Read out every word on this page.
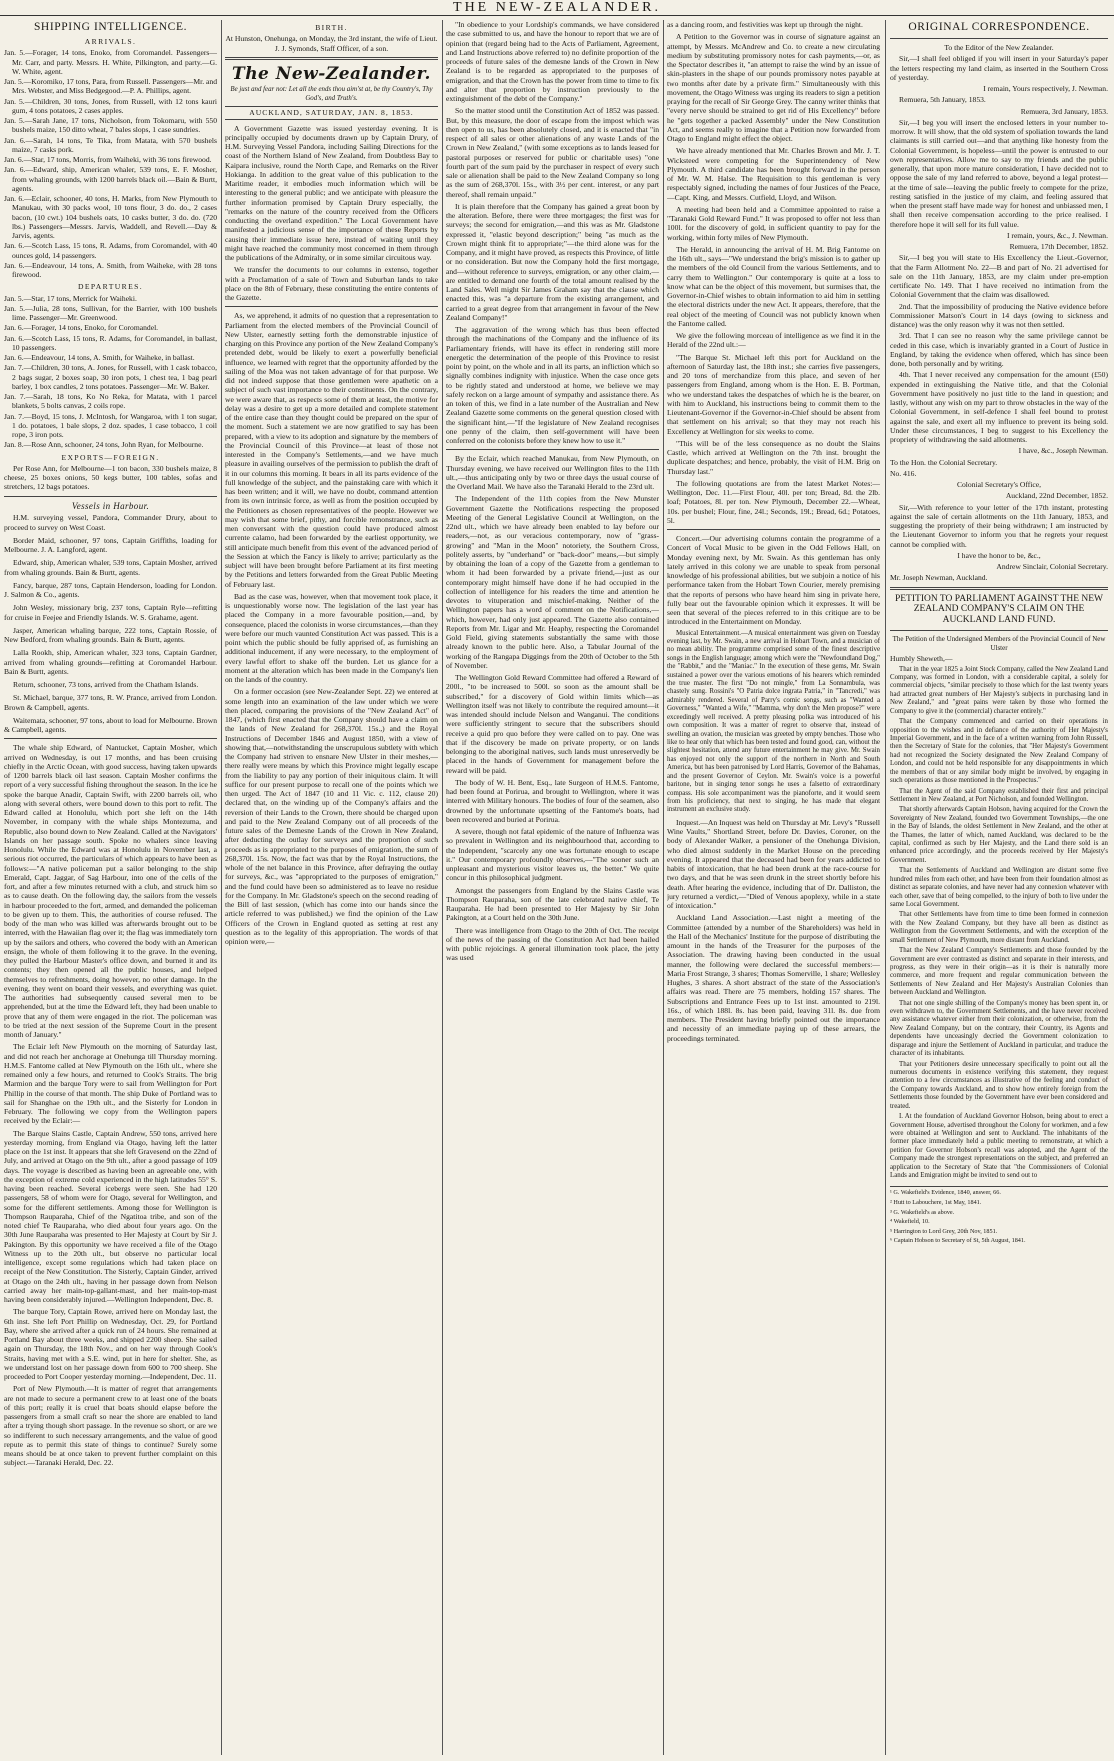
THE NEW-ZEALANDER.
SHIPPING INTELLIGENCE.
ARRIVALS.

Jan. 5.—Forager, 14 tons, Enoko, from Coromandel. Passengers—Mr. Carr, and party. Messrs. H. White, Pilkington, and party.—G. W. White, agent.

Jan. 5.—Koromiko, 17 tons, Para, from Russell. Passengers—Mr. and Mrs. Webster, and Miss Bedgegood.—P. A. Phillips, agent.

Jan. 5.—Children, 30 tons, Jones, from Russell, with 12 tons kauri gum, 4 tons potatoes, 2 cases apples.

Jan. 5.—Sarah Jane, 17 tons, Nicholson, from Tokomaru, with 550 bushels maize, 150 ditto wheat, 7 bales slops, 1 case sundries.

Jan. 6.—Sarah, 14 tons, Te Tika, from Matata, with 570 bushels maize, 7 casks pork.

Jan. 6.—Star, 17 tons, Morris, from Waiheki, with 36 tons firewood.

Jan. 6.—Edward, ship, American whaler, 539 tons, E. F. Mosher, from whaling grounds, with 1200 barrels black oil.—Bain & Burtt, agents.

Jan. 6.—Eclair, schooner, 40 tons, H. Marks, from New Plymouth to Manukau, with 30 packs wool, 10 tons flour, 3 do. do., 2 cases bacon, (10 cwt.) 104 bushels oats, 10 casks butter, 3 do. do. (720 lbs.) Passengers—Messrs. Jarvis, Waddell, and Revell.—Day & Jarvis, agents.

Jan. 6.—Scotch Lass, 15 tons, R. Adams, from Coromandel, with 40 ounces gold, 14 passengers.

Jan. 6.—Endeavour, 14 tons, A. Smith, from Waiheke, with 28 tons firewood.

DEPARTURES.

Jan. 5.—Star, 17 tons, Merrick for Waiheki.

Jan. 5.—Julia, 28 tons, Sullivan, for the Barrier, with 100 bushels lime. Passenger—Mr. Greenwood.

Jan. 6.—Forager, 14 tons, Enoko, for Coromandel.

Jan. 6.—Scotch Lass, 15 tons, R. Adams, for Coromandel, in ballast, 10 passengers.

Jan. 6.—Endeavour, 14 tons, A. Smith, for Waiheke, in ballast.

Jan. 7.—Children, 30 tons, A. Jones, for Russell, with 1 cask tobacco, 2 bags sugar, 2 boxes soap, 30 iron pots, 1 chest tea, 1 bag pearl barley, 1 box candles, 2 tons potatoes. Passenger—Mr. W. Baker.

Jan. 7.—Sarah, 18 tons, Ko No Reka, for Matata, with 1 parcel blankets, 5 bolts canvas, 2 coils rope.

Jan. 7.—Boyd, 15 tons, J. McIntosh, for Wangaroa, with 1 ton sugar, 1 do. potatoes, 1 bale slops, 2 doz. spades, 1 case tobacco, 1 coil rope, 3 iron pots.

Jan. 8.—Rose Ann, schooner, 24 tons, John Ryan, for Melbourne.

EXPORTS—FOREIGN.

Per Rose Ann, for Melbourne—1 ton bacon, 330 bushels maize, 8 cheese, 25 boxes onions, 50 kegs butter, 100 tables, sofas and stretchers, 12 bags potatoes.

Vessels in Harbour.

H.M. surveying vessel, Pandora, Commander Drury, about to proceed to survey on West Coast.

Border Maid, schooner, 97 tons, Captain Griffiths, loading for Melbourne. J. A. Langford, agent.

Edward, ship, American whaler, 539 tons, Captain Mosher, arrived from whaling grounds. Bain & Burtt, agents.

Fancy, barque, 287 tons, Captain Henderson, loading for London. J. Salmon & Co., agents.

John Wesley, missionary brig, 237 tons, Captain Ryle—refitting for cruise in Feejee and Friendly Islands. W. S. Grahame, agent.

Jasper, American whaling barque, 222 tons, Captain Rossie, of New Bedford, from whaling grounds. Bain & Burtt, agents.

Lalla Rookh, ship, American whaler, 323 tons, Captain Gardner, arrived from whaling grounds—refitting at Coromandel Harbour. Bain & Burtt, agents.

Return, schooner, 73 tons, arrived from the Chatham Islands.

St. Michael, barque, 377 tons, R. W. Prance, arrived from London. Brown & Campbell, agents.

Waitemata, schooner, 97 tons, about to load for Melbourne. Brown & Campbell, agents.

The whale ship Edward, of Nantucket, Captain Mosher, which arrived on Wednesday, is out 17 months, and has been cruising chiefly in the Arctic Ocean, with good success, having taken upwards of 1200 barrels black oil last season. Captain Mosher confirms the report of a very successful fishing throughout the season. In the ice he spoke the barque Anadir, Captain Swift, with 2200 barrels oil, who along with several others, were bound down to this port to refit. The Edward called at Honolulu, which port she left on the 14th November, in company with the whale ships Montezuma, and Republic, also bound down to New Zealand. Called at the Navigators' Islands on her passage south. Spoke no whalers since leaving Honolulu. While the Edward was at Honolulu in November last, a serious riot occurred, the particulars of which appears to have been as follows:—"A native policeman put a sailor belonging to the ship Emerald, Capt. Jaggar, of Sag Harbour, into one of the cells of the fort, and after a few minutes returned with a club, and struck him so as to cause death. On the following day, the sailors from the vessels in harbour proceeded to the fort, armed, and demanded the policeman to be given up to them. This, the authorities of course refused. The body of the man who was killed was afterwards brought out to be interred, with the Hawaiian flag over it; the flag was immediately torn up by the sailors and others, who covered the body with an American ensign, the whole of them following it to the grave. In the evening, they pulled the Harbour Master's office down, and burned it and its contents; they then opened all the public houses, and helped themselves to refreshments, doing however, no other damage. In the evening, they went on board their vessels, and everything was quiet. The authorities had subsequently caused several men to be apprehended, but at the time the Edward left, they had been unable to prove that any of them were engaged in the riot. The policeman was to be tried at the next session of the Supreme Court in the present month of January."

The Eclair left New Plymouth on the morning of Saturday last, and did not reach her anchorage at Onehunga till Thursday morning. H.M.S. Fantome called at New Plymouth on the 16th ult., where she remained only a few hours, and returned to Cook's Straits. The brig Marmion and the barque Tory were to sail from Wellington for Port Phillip in the course of that month. The ship Duke of Portland was to sail for Shanghae on the 19th ult., and the Sisterly for London in February. The following we copy from the Wellington papers received by the Eclair:—

The Barque Slains Castle, Captain Andrew, 550 tons, arrived here yesterday morning, from England via Otago, having left the latter place on the 1st inst. It appears that she left Gravesend on the 22nd of July, and arrived at Otago on the 9th ult., after a good passage of 109 days. The voyage is described as having been an agreeable one, with the exception of extreme cold experienced in the high latitudes 55° S. having been reached. Several icebergs were seen. She had 120 passengers, 58 of whom were for Otago, several for Wellington, and some for the different settlements. Among those for Wellington is Thompson Rauparaha, Chief of the Ngatitoa tribe, and son of the noted chief Te Rauparaha, who died about four years ago. On the 30th June Rauparaha was presented to Her Majesty at Court by Sir J. Pakington. By this opportunity we have received a file of the Otago Witness up to the 20th ult., but observe no particular local intelligence, except some regulations which had taken place on receipt of the New Constitution. The Sisterly, Captain Ginder, arrived at Otago on the 24th ult., having in her passage down from Nelson carried away her main-top-gallant-mast, and her main-top-mast having been considerably injured.—Wellington Independent, Dec. 8.

The barque Tory, Captain Rowe, arrived here on Monday last, the 6th inst. She left Port Phillip on Wednesday, Oct. 29, for Portland Bay, where she arrived after a quick run of 24 hours. She remained at Portland Bay about three weeks, and shipped 2200 sheep. She sailed again on Thursday, the 18th Nov., and on her way through Cook's Straits, having met with a S.E. wind, put in here for shelter. She, as we understand lost on her passage down from 600 to 700 sheep. She proceeded to Port Cooper yesterday morning.—Independent, Dec. 11.

Port of New Plymouth.—It is matter of regret that arrangements are not made to secure a permanent crew to at least one of the boats of this port; really it is cruel that boats should elapse before the passengers from a small craft so near the shore are enabled to land after a trying though short passage. In the revenue so short, or are we so indifferent to such necessary arrangements, and the value of good repute as to permit this state of things to continue? Surely some means should be at once taken to prevent further complaint on this subject.—Taranaki Herald, Dec. 22.

BIRTH.

At Hunston, Onehunga, on Monday, the 3rd instant, the wife of Lieut. J. J. Symonds, Staff Officer, of a son.

The New-Zealander.
Be just and fear not: Let all the ends thou aim'st at, be thy Country's, Thy God's, and Truth's.
AUCKLAND, SATURDAY, JAN. 8, 1853.

A Government Gazette was issued yesterday evening. It is principally occupied by documents drawn up by Captain Drury, of H.M. Surveying Vessel Pandora, including Sailing Directions for the coast of the Northern Island of New Zealand, from Doubtless Bay to Kaipara inclusive, round the North Cape, and Remarks on the River Hokianga. In addition to the great value of this publication to the Maritime reader, it embodies much information which will be interesting to the general public; and we anticipate with pleasure the further information promised by Captain Drury especially, the "remarks on the nature of the country received from the Officers conducting the overland expedition." The Local Government have manifested a judicious sense of the importance of these Reports by causing their immediate issue here, instead of waiting until they might have reached the community most concerned in them through the publications of the Admiralty, or in some similar circuitous way.

We transfer the documents to our columns in extenso, together with a Proclamation of a sale of Town and Suburban lands to take place on the 8th of February, these constituting the entire contents of the Gazette.

As, we apprehend, it admits of no question that a representation to Parliament from the elected members of the Provincial Council of New Ulster, earnestly setting forth the demonstrable injustice of charging on this Province any portion of the New Zealand Company's pretended debt, would be likely to exert a powerfully beneficial influence, we learned with regret that the opportunity afforded by the sailing of the Moa was not taken advantage of for that purpose. We did not indeed suppose that those gentlemen were apathetic on a subject of such vast importance to their constituents. On the contrary, we were aware that, as respects some of them at least, the motive for delay was a desire to get up a more detailed and complete statement of the entire case than they thought could be prepared on the spur of the moment. Such a statement we are now gratified to say has been prepared, with a view to its adoption and signature by the members of the Provincial Council of this Province—at least of those not interested in the Company's Settlements,—and we have much pleasure in availing ourselves of the permission to publish the draft of it in our columns this morning. It bears in all its parts evidence of the full knowledge of the subject, and the painstaking care with which it has been written; and it will, we have no doubt, command attention from its own intrinsic force, as well as from the position occupied by the Petitioners as chosen representatives of the people. However we may wish that some brief, pithy, and forcible remonstrance, such as men conversant with the question could have produced almost currente calamo, had been forwarded by the earliest opportunity, we still anticipate much benefit from this event of the advanced period of the Session at which the Fancy is likely to arrive; particularly as the subject will have been brought before Parliament at its first meeting by the Petitions and letters forwarded from the Great Public Meeting of February last.

Bad as the case was, however, when that movement took place, it is unquestionably worse now. The legislation of the last year has placed the Company in a more favourable position,—and, by consequence, placed the colonists in worse circumstances,—than they were before our much vaunted Constitution Act was passed. This is a point which the public should be fully apprised of, as furnishing an additional inducement, if any were necessary, to the employment of every lawful effort to shake off the burden. Let us glance for a moment at the alteration which has been made in the Company's lien on the lands of the country.

On a former occasion (see New-Zealander Sept. 22) we entered at some length into an examination of the law under which we were then placed, comparing the provisions of the "New Zealand Act" of 1847, (which first enacted that the Company should have a claim on the lands of New Zealand for 268,370l. 15s.,) and the Royal Instructions of December 1846 and August 1850, with a view of showing that,—notwithstanding the unscrupulous subtlety with which the Company had striven to ensnare New Ulster in their meshes,—there really were means by which this Province might legally escape from the liability to pay any portion of their iniquitous claim. It will suffice for our present purpose to recall one of the points which we then urged. The Act of 1847 (10 and 11 Vic. c. 112, clause 20) declared that, on the winding up of the Company's affairs and the reversion of their Lands to the Crown, there should be charged upon and paid to the New Zealand Company out of all proceeds of the future sales of the Demesne Lands of the Crown in New Zealand, after deducting the outlay for surveys and the proportion of such proceeds as is appropriated to the purposes of emigration, the sum of 268,370l. 15s. Now, the fact was that by the Royal Instructions, the whole of the net balance in this Province, after defraying the outlay for surveys, &c., was "appropriated to the purposes of emigration," and the fund could have been so administered as to leave no residue for the Company. In Mr. Gladstone's speech on the second reading of the Bill of last session, (which has come into our hands since the article referred to was published,) we find the opinion of the Law Officers of the Crown in England quoted as setting at rest any question as to the legality of this appropriation. The words of that opinion were,—

"In obedience to your Lordship's commands, we have considered the case submitted to us, and have the honour to report that we are of opinion that (regard being had to the Acts of Parliament, Agreement, and Land Instructions above referred to) no definite proportion of the proceeds of future sales of the demesne lands of the Crown in New Zealand is to be regarded as appropriated to the purposes of emigration, and that the Crown has the power from time to time to fix and alter that proportion by instruction previously to the extinguishment of the debt of the Company."

So the matter stood until the Constitution Act of 1852 was passed. But, by this measure, the door of escape from the impost which was then open to us, has been absolutely closed, and it is enacted that "in respect of all sales or other alienations of any waste Lands of the Crown in New Zealand," (with some exceptions as to lands leased for pastoral purposes or reserved for public or charitable uses) "one fourth part of the sum paid by the purchaser in respect of every such sale or alienation shall be paid to the New Zealand Company so long as the sum of 268,370l. 15s., with 3½ per cent. interest, or any part thereof, shall remain unpaid."

It is plain therefore that the Company has gained a great boon by the alteration. Before, there were three mortgages; the first was for surveys; the second for emigration,—and this was as Mr. Gladstone expressed it, "elastic beyond description;" being "as much as the Crown might think fit to appropriate;"—the third alone was for the Company, and it might have proved, as respects this Province, of little or no consideration. But now the Company hold the first mortgage, and—without reference to surveys, emigration, or any other claim,—are entitled to demand one fourth of the total amount realised by the Land Sales. Well might Sir James Graham say that the clause which enacted this, was "a departure from the existing arrangement, and carried to a great degree from that arrangement in favour of the New Zealand Company!"

The aggravation of the wrong which has thus been effected through the machinations of the Company and the influence of its Parliamentary friends, will have its effect in rendering still more energetic the determination of the people of this Province to resist point by point, on the whole and in all its parts, an infliction which so signally combines indignity with injustice. When the case once gets to be rightly stated and understood at home, we believe we may safely reckon on a large amount of sympathy and assistance there. As an token of this, we find in a late number of the Australian and New Zealand Gazette some comments on the general question closed with the significant hint,—"If the legislature of New Zealand recognises one penny of the claim, then self-government will have been conferred on the colonists before they knew how to use it."

By the Eclair, which reached Manukau, from New Plymouth, on Thursday evening, we have received our Wellington files to the 11th ult.,—thus anticipating only by two or three days the usual course of the Overland Mail. We have also the Taranaki Herald to the 23rd ult.

The Independent of the 11th copies from the New Munster Government Gazette the Notifications respecting the proposed Meeting of the General Legislative Council at Wellington, on the 22nd ult., which we have already been enabled to lay before our readers,—not, as our veracious contemporary, now of "grass-growing" and "Man in the Moon" notoriety, the Southern Cross, politely asserts, by "underhand" or "back-door" means,—but simply by obtaining the loan of a copy of the Gazette from a gentleman to whom it had been forwarded by a private friend,—just as our contemporary might himself have done if he had occupied in the collection of intelligence for his readers the time and attention he devotes to vituperation and mischief-making. Neither of the Wellington papers has a word of comment on the Notifications,—which, however, had only just appeared. The Gazette also contained Reports from Mr. Ligar and Mr. Heaphy, respecting the Coromandel Gold Field, giving statements substantially the same with those already known to the public here. Also, a Tabular Journal of the working of the Rangapa Diggings from the 20th of October to the 5th of November.

The Wellington Gold Reward Committee had offered a Reward of 200l., "to be increased to 500l. so soon as the amount shall be subscribed," for a discovery of Gold within limits which—as Wellington itself was not likely to contribute the required amount—it was intended should include Nelson and Wanganui. The conditions were sufficiently stringent to secure that the subscribers should receive a quid pro quo before they were called on to pay. One was that if the discovery be made on private property, or on lands belonging to the aboriginal natives, such lands must unreservedly be placed in the hands of Government for management before the reward will be paid.

The body of W. H. Bent, Esq., late Surgeon of H.M.S. Fantome, had been found at Porirua, and brought to Wellington, where it was interred with Military honours. The bodies of four of the seamen, also drowned by the unfortunate upsetting of the Fantome's boats, had been recovered and buried at Porirua.

A severe, though not fatal epidemic of the nature of Influenza was so prevalent in Wellington and its neighbourhood that, according to the Independent, "scarcely any one was fortunate enough to escape it." Our contemporary profoundly observes,—"The sooner such an unpleasant and mysterious visitor leaves us, the better." We quite concur in this philosophical judgment.

Amongst the passengers from England by the Slains Castle was Thompson Rauparaha, son of the late celebrated native chief, Te Rauparaha. He had been presented to Her Majesty by Sir John Pakington, at a Court held on the 30th June.

There was intelligence from Otago to the 20th of Oct. The receipt of the news of the passing of the Constitution Act had been hailed with public rejoicings. A general illumination took place, the jetty was used

as a dancing room, and festivities was kept up through the night.

A Petition to the Governor was in course of signature against an attempt, by Messrs. McAndrew and Co. to create a new circulating medium by substituting promissory notes for cash payments,—or, as the Spectator describes it, "an attempt to raise the wind by an issue of skin-plasters in the shape of our pounds promissory notes payable at two months after date by a private firm." Simultaneously with this movement, the Otago Witness was urging its readers to sign a petition praying for the recall of Sir George Grey. The canny writer thinks that "every nerve should be strained to get rid of His Excellency" before he "gets together a packed Assembly" under the New Constitution Act, and seems really to imagine that a Petition now forwarded from Otago to England might effect the object.

We have already mentioned that Mr. Charles Brown and Mr. J. T. Wicksteed were competing for the Superintendency of New Plymouth. A third candidate has been brought forward in the person of Mr. W. M. Halse. The Requisition to this gentleman is very respectably signed, including the names of four Justices of the Peace,—Capt. King, and Messrs. Cutfield, Lloyd, and Wilson.

A meeting had been held and a Committee appointed to raise a "Taranaki Gold Reward Fund." It was proposed to offer not less than 100l. for the discovery of gold, in sufficient quantity to pay for the working, within forty miles of New Plymouth.

The Herald, in announcing the arrival of H. M. Brig Fantome on the 16th ult., says—"We understand the brig's mission is to gather up the members of the old Council from the various Settlements, and to carry them to Wellington." Our contemporary is quite at a loss to know what can be the object of this movement, but surmises that, the Governor-in-Chief wishes to obtain information to aid him in settling the electoral districts under the new Act. It appears, therefore, that the real object of the meeting of Council was not publicly known when the Fantome called.

We give the following morceau of intelligence as we find it in the Herald of the 22nd ult.:—

"The Barque St. Michael left this port for Auckland on the afternoon of Saturday last, the 18th inst.; she carries five passengers, and 20 tons of merchandize from this place, and seven of her passengers from England, among whom is the Hon. E. B. Portman, who we understand takes the despatches of which he is the bearer, on with him to Auckland, his instructions being to commit them to the Lieutenant-Governor if the Governor-in-Chief should be absent from that settlement on his arrival; so that they may not reach his Excellency at Wellington for six weeks to come.

"This will be of the less consequence as no doubt the Slains Castle, which arrived at Wellington on the 7th inst. brought the duplicate despatches; and hence, probably, the visit of H.M. Brig on Thursday last."

The following quotations are from the latest Market Notes:—Wellington, Dec. 11.—First Flour, 40l. per ton; Bread, 8d. the 2lb. loaf; Potatoes, 8l. per ton. New Plymouth, December 22.—Wheat, 10s. per bushel; Flour, fine, 24l.; Seconds, 19l.; Bread, 6d.; Potatoes, 5l.

Concert.—Our advertising columns contain the programme of a Concert of Vocal Music to be given in the Odd Fellows Hall, on Monday evening next, by Mr. Swain. As this gentleman has only lately arrived in this colony we are unable to speak from personal knowledge of his professional abilities, but we subjoin a notice of his performance taken from the Hobart Town Courier, merely premising that the reports of persons who have heard him sing in private here, fully bear out the favourable opinion which it expresses. It will be seen that several of the pieces referred to in this critique are to be introduced in the Entertainment on Monday.

Musical Entertainment.—A musical entertainment was given on Tuesday evening last, by Mr. Swain, a new arrival in Hobart Town, and a musician of no mean ability. The programme comprised some of the finest descriptive songs in the English language; among which were the "Newfoundland Dog," the "Rabbit," and the "Maniac." In the execution of these gems, Mr. Swain sustained a power over the various emotions of his hearers which reminded the true master. The first "Do not mingle," from La Sonnambula, was chastely sung. Rossini's "O Patria dolce ingrata Patria," in "Tancredi," was admirably rendered. Several of Parry's comic songs, such as "Wanted a Governess," "Wanted a Wife," "Mamma, why don't the Men propose?" were exceedingly well received. A pretty pleasing polka was introduced of his own composition. It was a matter of regret to observe that, instead of swelling an ovation, the musician was greeted by empty benches. Those who like to hear only that which has been tested and found good, can, without the slightest hesitation, attend any future entertainment he may give. Mr. Swain has enjoyed not only the support of the northern in North and South America, but has been patronised by Lord Harris, Governor of the Bahamas, and the present Governor of Ceylon. Mr. Swain's voice is a powerful baritone, but in singing tenor songs he uses a falsetto of extraordinary compass. His sole accompaniment was the pianoforte, and it would seem from his proficiency, that next to singing, he has made that elegant instrument an exclusive study.

Inquest.—An Inquest was held on Thursday at Mr. Levy's "Russell Wine Vaults," Shortland Street, before Dr. Davies, Coroner, on the body of Alexander Walker, a pensioner of the Onehunga Division, who died almost suddenly in the Market House on the preceding evening. It appeared that the deceased had been for years addicted to habits of intoxication, that he had been drunk at the race-course for two days, and that he was seen drunk in the street shortly before his death. After hearing the evidence, including that of Dr. Dalliston, the jury returned a verdict,—"Died of Venous apoplexy, while in a state of intoxication."

Auckland Land Association.—Last night a meeting of the Committee (attended by a number of the Shareholders) was held in the Hall of the Mechanics' Institute for the purpose of distributing the amount in the hands of the Treasurer for the purposes of the Association. The drawing having been conducted in the usual manner, the following were declared the successful members:—Maria Frost Strange, 3 shares; Thomas Somerville, 1 share; Wellesley Hughes, 3 shares. A short abstract of the state of the Association's affairs was read. There are 75 members, holding 157 shares. The Subscriptions and Entrance Fees up to 1st inst. amounted to 219l. 16s., of which 188l. 8s. has been paid, leaving 31l. 8s. due from members. The President having briefly pointed out the importance and necessity of an immediate paying up of these arrears, the proceedings terminated.

ORIGINAL CORRESPONDENCE.

To the Editor of the New Zealander.

Sir,—I shall feel obliged if you will insert in your Saturday's paper the letters respecting my land claim, as inserted in the Southern Cross of yesterday.

I remain, Yours respectively, J. Newman.

Remuera, 5th January, 1853.

Remuera, 3rd January, 1853.

Sir,—I beg you will insert the enclosed letters in your number to-morrow. It will show, that the old system of spoliation towards the land claimants is still carried out—and that anything like honesty from the Colonial Government, is hopeless—until the power is entrusted to our own representatives. Allow me to say to my friends and the public generally, that upon more mature consideration, I have decided not to oppose the sale of my land referred to above, beyond a legal protest—at the time of sale—leaving the public freely to compete for the prize, resting satisfied in the justice of my claim, and feeling assured that when the present staff have made way for honest and unbiassed men, I shall then receive compensation according to the price realised. I therefore hope it will sell for its full value.

I remain, yours, &c., J. Newman.

Remuera, 17th December, 1852.

Sir,—I beg you will state to His Excellency the Lieut.-Governor, that the Farm Allotment No. 22—B and part of No. 21 advertised for sale on the 11th January, 1853, are my claim under pre-emption certificate No. 149. That I have received no intimation from the Colonial Government that the claim was disallowed.

2nd. That the impossibility of producing the Native evidence before Commissioner Matson's Court in 14 days (owing to sickness and distance) was the only reason why it was not then settled.

3rd. That I can see no reason why the same privilege cannot be ceded in this case, which is invariably granted in a Court of Justice in England, by taking the evidence when offered, which has since been done, both personally and by writing.

4th. That I never received any compensation for the amount (£50) expended in extinguishing the Native title, and that the Colonial Government have positively no just title to the land in question; and lastly, without any wish on my part to throw obstacles in the way of the Colonial Government, in self-defence I shall feel bound to protest against the sale, and exert all my influence to prevent its being sold. Under these circumstances, I beg to suggest to his Excellency the propriety of withdrawing the said allotments.

I have, &c., Joseph Newman.

To the Hon. the Colonial Secretary.

No. 416.

Colonial Secretary's Office,

Auckland, 22nd December, 1852.

Sir,—With reference to your letter of the 17th instant, protesting against the sale of certain allotments on the 11th January, 1853, and suggesting the propriety of their being withdrawn; I am instructed by the Lieutenant Governor to inform you that he regrets your request cannot be complied with.

I have the honor to be, &c.,

Andrew Sinclair, Colonial Secretary.

Mr. Joseph Newman, Auckland.

PETITION TO PARLIAMENT AGAINST THE NEW ZEALAND COMPANY'S CLAIM ON THE AUCKLAND LAND FUND.

The Petition of the Undersigned Members of the Provincial Council of New Ulster

Humbly Sheweth,—

That in the year 1825 a Joint Stock Company, called the New Zealand Land Company, was formed in London, with a considerable capital, a solely for commercial objects, "similar precisely to those which for the last twenty years had attracted great numbers of Her Majesty's subjects in purchasing land in New Zealand," and "great pains were taken by those who formed the Company to give it the (commercial) character entirely."

That the Company commenced and carried on their operations in opposition to the wishes and in defiance of the authority of Her Majesty's Imperial Government, and in the face of a written warning from John Russell, then the Secretary of State for the colonies, that "Her Majesty's Government had not recognized the Society designated the New Zealand Company of London, and could not be held responsible for any disappointments in which the members of that or any similar body might be involved, by engaging in such operations as those mentioned in the Prospectus."

That the Agent of the said Company established their first and principal Settlement in New Zealand, at Port Nicholson, and founded Wellington.

That shortly afterwards Captain Hobson, having acquired for the Crown the Sovereignty of New Zealand, founded two Government Townships,—the one in the Bay of Islands, the oldest Settlement in New Zealand, and the other at the Thames, the latter of which, named Auckland, was declared to be the capital, confirmed as such by Her Majesty, and the Land there sold is an enhanced price accordingly, and the proceeds received by Her Majesty's Government.

That the Settlements of Auckland and Wellington are distant some five hundred miles from each other, and have been from their foundation almost as distinct as separate colonies, and have never had any connexion whatever with each other, save that of being compelled, to the injury of both to live under the same Local Government.

That other Settlements have from time to time been formed in connexion with the New Zealand Company, but they have all been as distinct as Wellington from the Government Settlements, and with the exception of the small Settlement of New Plymouth, more distant from Auckland.

That the New Zealand Company's Settlements and those founded by the Government are ever contrasted as distinct and separate in their interests, and progress, as they were in their origin—as it is their is naturally more commerce, and more frequent and regular communication between the Settlements of New Zealand and Her Majesty's Australian Colonies than between Auckland and Wellington.

That not one single shilling of the Company's money has been spent in, or even withdrawn to, the Government Settlements, and the have never received any assistance whatever either from their colonization, or otherwise, from the New Zealand Company, but on the contrary, their Country, its Agents and dependents have unceasingly decried the Government colonization to disparage and injure the Settlement of Auckland in particular, and traduce the character of its inhabitants.

That your Petitioners desire unnecessary specifically to point out all the numerous documents in existence verifying this statement, they request attention to a few circumstances as illustrative of the feeling and conduct of the Company towards Auckland, and to show how entirely foreign from the Settlements those founded by the Government have ever been considered and treated.

I. At the foundation of Auckland Governor Hobson, being about to erect a Government House, advertised throughout the Colony for workmen, and a few were obtained at Wellington and sent to Auckland. The inhabitants of the former place immediately held a public meeting to remonstrate, at which a petition for Governor Hobson's recall was adopted, and the Agent of the Company made the strongest representations on the subject, and preferred an application to the Secretary of State that "the Commissioners of Colonial Lands and Emigration might be invited to send out to

¹ G. Wakefield's Evidence, 1840, answer, 66.

² Hutt to Labouchere, 1st May, 1841.

³ G. Wakefield's as above.

⁴ Wakefield, 10.

⁵ Harrington to Lord Grey, 20th Nov, 1851.

⁶ Captain Hobson to Secretary of St, 5th August, 1841.
